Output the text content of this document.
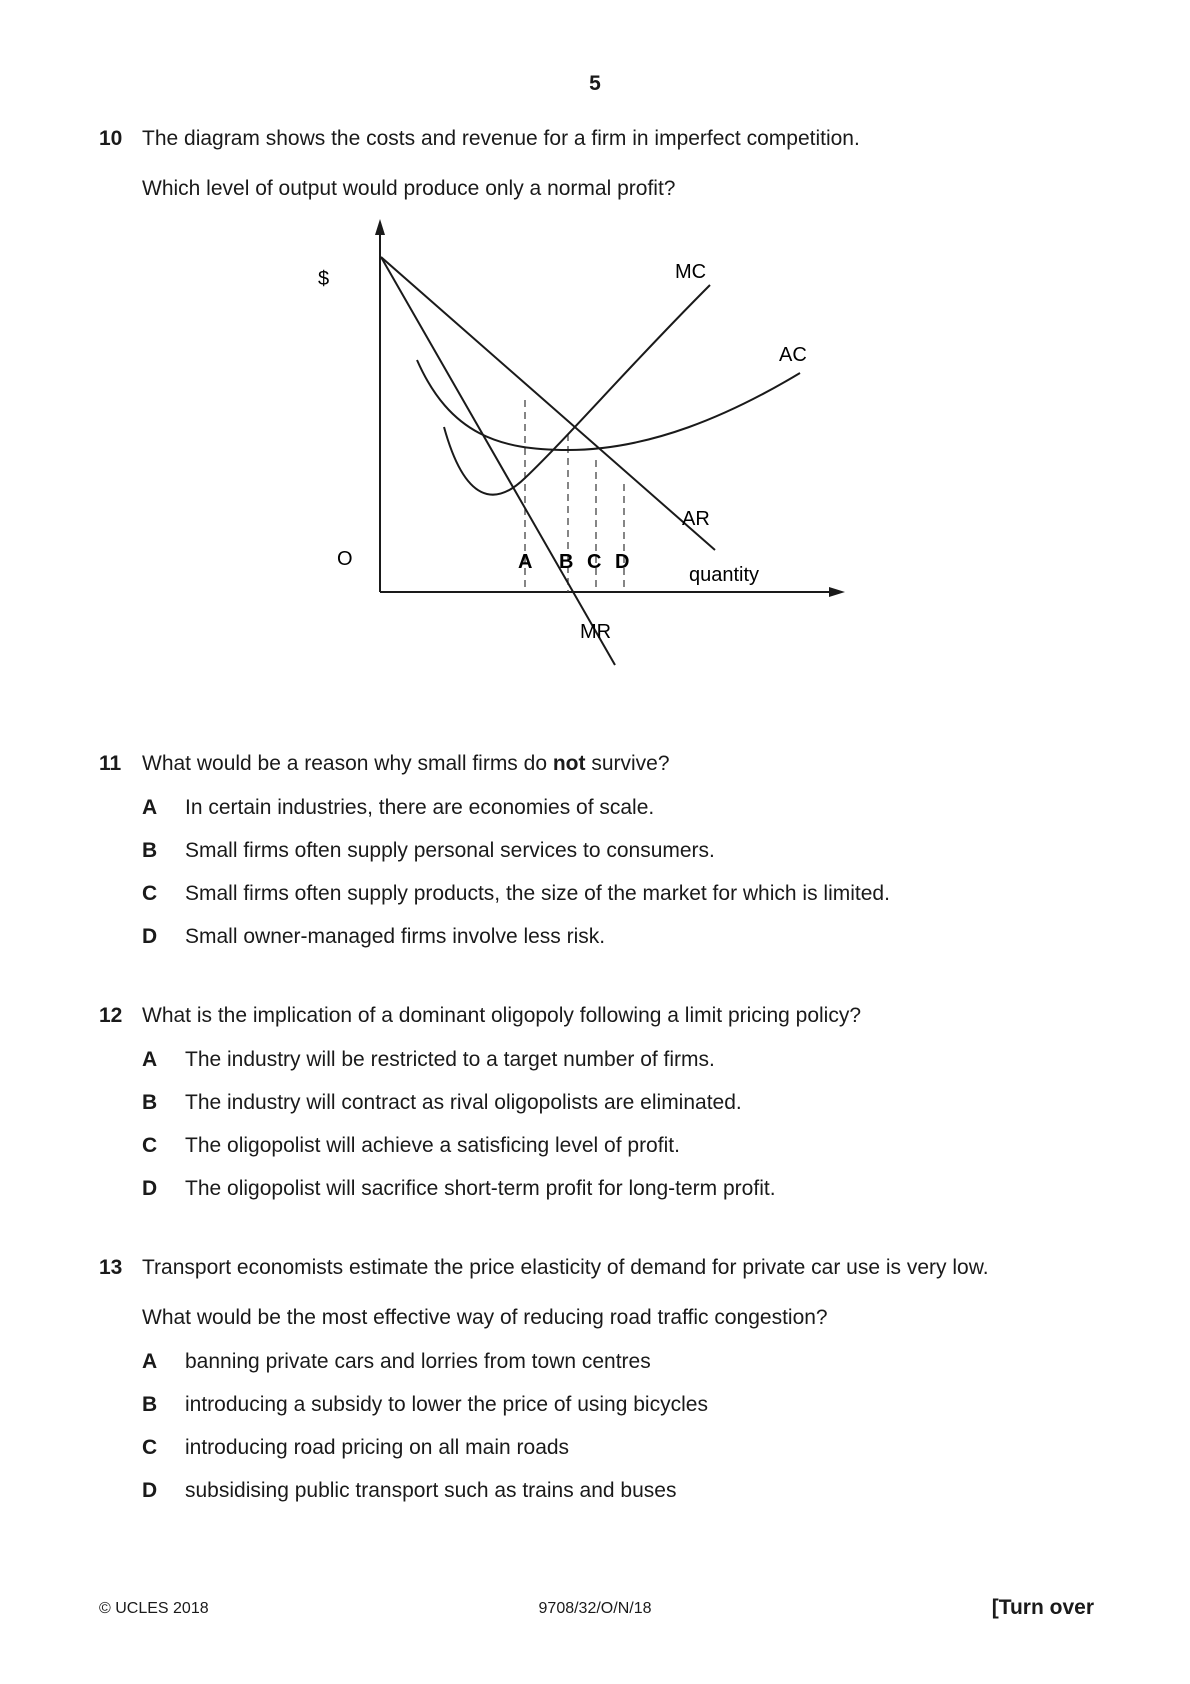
5
10 The diagram shows the costs and revenue for a firm in imperfect competition.
Which level of output would produce only a normal profit?
$	MC
AC
AR
MR
O
quantity
A B C D
11 What would be a reason why small firms do not survive?
A In certain industries, there are economies of scale.
B Small firms often supply personal services to consumers.
C Small firms often supply products, the size of the market for which is limited.
D Small owner-managed firms involve less risk.
12 What is the implication of a dominant oligopoly following a limit pricing policy?
A The industry will be restricted to a target number of firms.
B The industry will contract as rival oligopolists are eliminated.
C The oligopolist will achieve a satisficing level of profit.
D The oligopolist will sacrifice short-term profit for long-term profit.
13 Transport economists estimate the price elasticity of demand for private car use is very low.
What would be the most effective way of reducing road traffic congestion?
A banning private cars and lorries from town centres
B introducing a subsidy to lower the price of using bicycles
C introducing road pricing on all main roads
D subsidising public transport such as trains and buses
© UCLES 2018	9708/32/O/N/18	[Turn over
